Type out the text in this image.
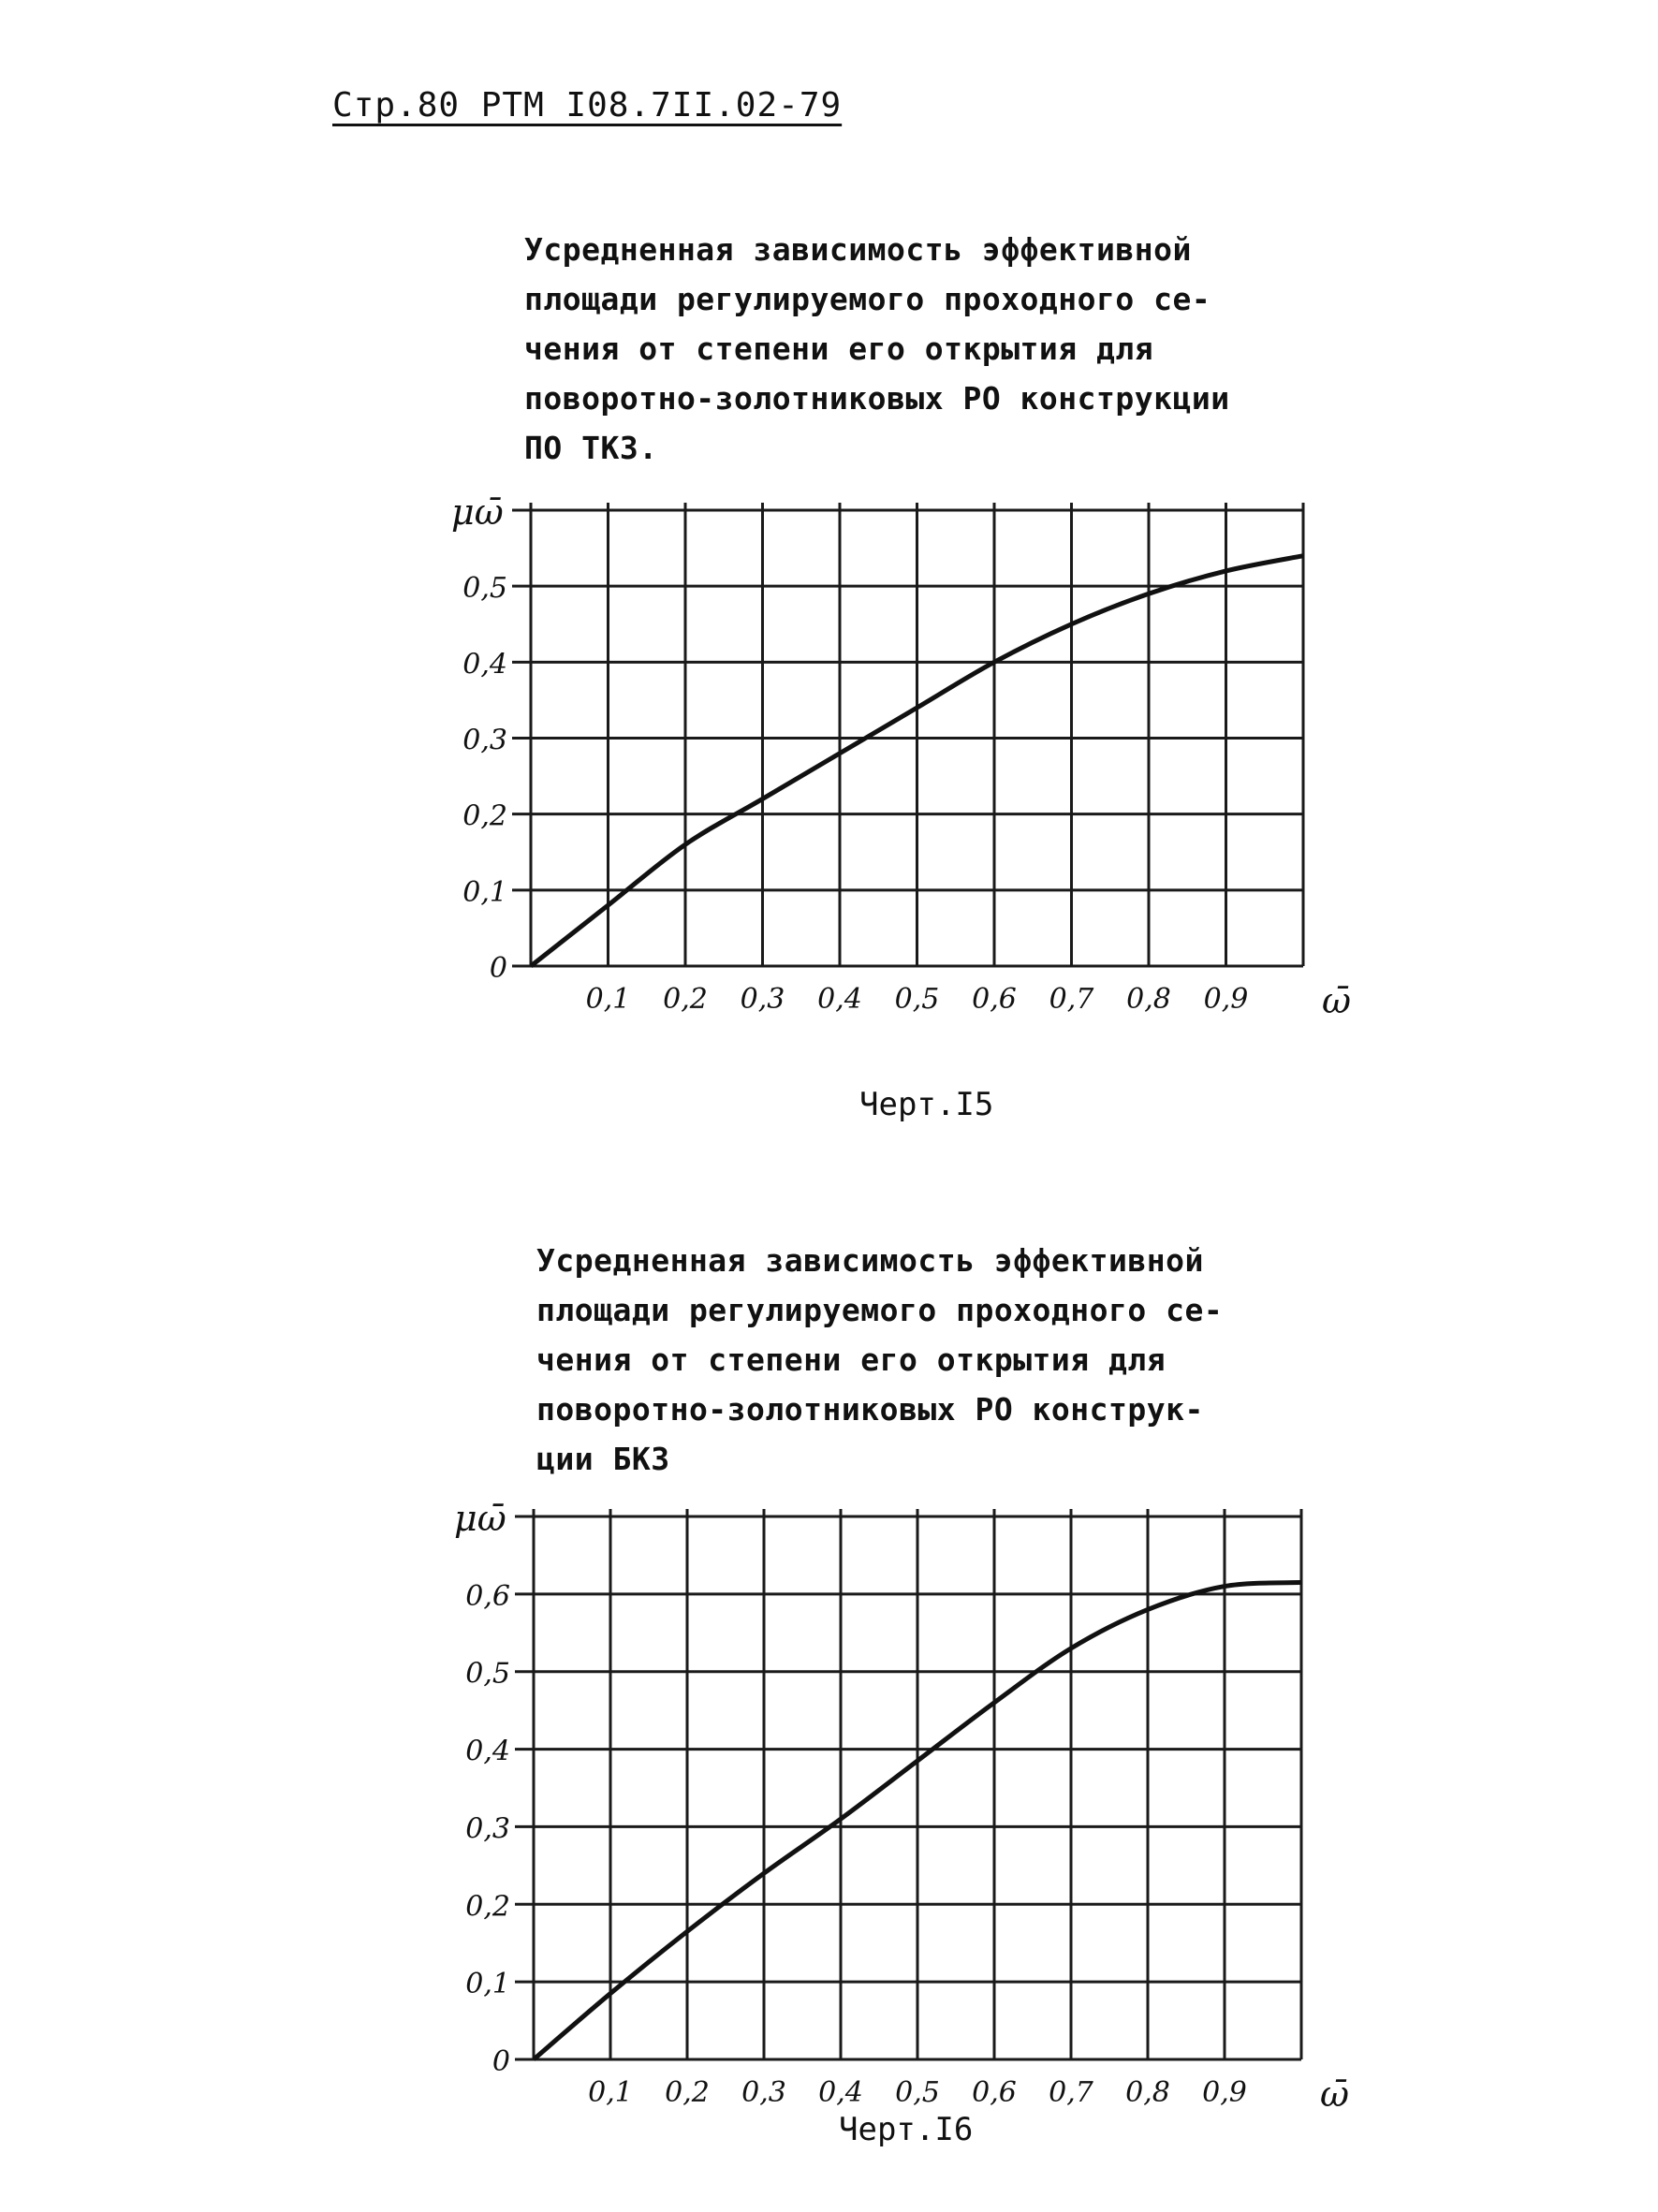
Стр.80 РТМ I08.7II.02-79
Усредненная зависимость эффективной
площади регулируемого проходного се-
чения от степени его открытия для
поворотно-золотниковых РО конструкции
ПО ТКЗ.
0,1 0,2 0,3 0,4 0,5 0,6 0,7 0,8 0,9
0
0,1
0,2
0,3
0,4
0,5
ω̄
μω̄
0,1 0,2 0,3 0,4 0,5 0,6 0,7 0,8 0,9
0
0,1
0,2
0,3
0,4
0,5
0,6
ω̄
μω̄
Черт.I5
Усредненная зависимость эффективной
площади регулируемого проходного се-
чения от степени его открытия для
поворотно-золотниковых РО конструк-
ции БКЗ
Черт.I6
